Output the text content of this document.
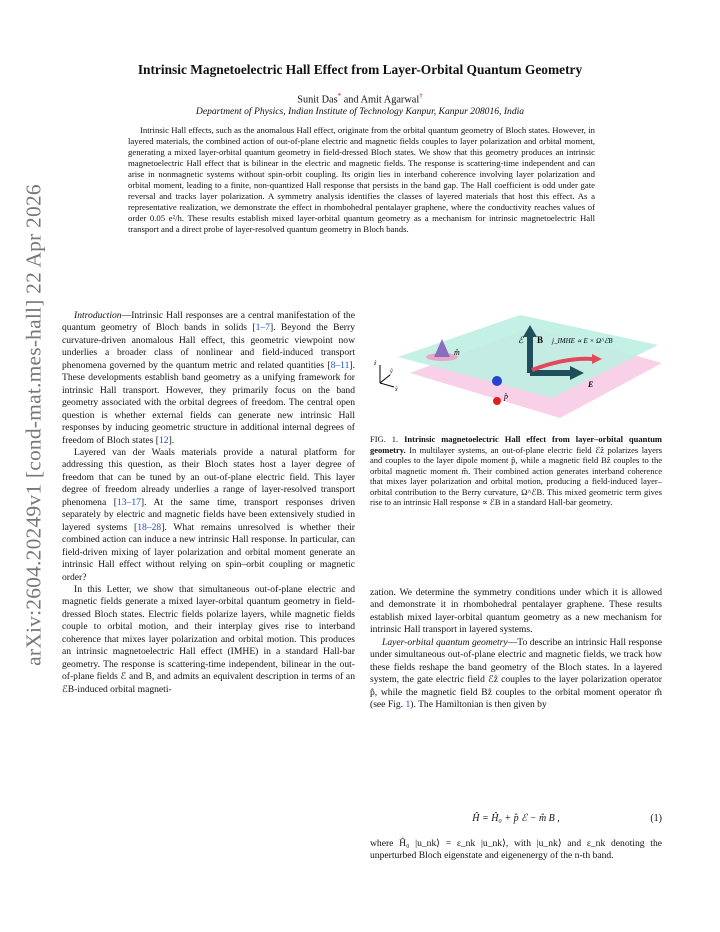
arXiv:2604.20249v1 [cond-mat.mes-hall] 22 Apr 2026
Intrinsic Magnetoelectric Hall Effect from Layer-Orbital Quantum Geometry
Sunit Das* and Amit Agarwal†
Department of Physics, Indian Institute of Technology Kanpur, Kanpur 208016, India
Intrinsic Hall effects, such as the anomalous Hall effect, originate from the orbital quantum geometry of Bloch states. However, in layered materials, the combined action of out-of-plane electric and magnetic fields couples to layer polarization and orbital moment, generating a mixed layer-orbital quantum geometry in field-dressed Bloch states. We show that this geometry produces an intrinsic magnetoelectric Hall effect that is bilinear in the electric and magnetic fields. The response is scattering-time independent and can arise in nonmagnetic systems without spin-orbit coupling. Its origin lies in interband coherence involving layer polarization and orbital moment, leading to a finite, non-quantized Hall response that persists in the band gap. The Hall coefficient is odd under gate reversal and tracks layer polarization. A symmetry analysis identifies the classes of layered materials that host this effect. As a representative realization, we demonstrate the effect in rhombohedral pentalayer graphene, where the conductivity reaches values of order 0.05 e²/h. These results establish mixed layer-orbital quantum geometry as a mechanism for intrinsic magnetoelectric Hall transport and a direct probe of layer-resolved quantum geometry in Bloch bands.

Introduction—Intrinsic Hall responses are a central manifestation of the quantum geometry of Bloch bands in solids [1–7]. Beyond the Berry curvature-driven anomalous Hall effect, this geometric viewpoint now underlies a broader class of nonlinear and field-induced transport phenomena governed by the quantum metric and related quantities [8–11]. These developments establish band geometry as a unifying framework for intrinsic Hall transport. However, they primarily focus on the band geometry associated with the orbital degrees of freedom. The central open question is whether external fields can generate new intrinsic Hall responses by inducing geometric structure in additional internal degrees of freedom of Bloch states [12].

Layered van der Waals materials provide a natural platform for addressing this question, as their Bloch states host a layer degree of freedom that can be tuned by an out-of-plane electric field. This layer degree of freedom already underlies a range of layer-resolved transport phenomena [13–17]. At the same time, transport responses driven separately by electric and magnetic fields have been extensively studied in layered systems [18–28]. What remains unresolved is whether their combined action can induce a new intrinsic Hall response. In particular, can field-driven mixing of layer polarization and orbital moment generate an intrinsic Hall effect without relying on spin–orbit coupling or magnetic order?

In this Letter, we show that simultaneous out-of-plane electric and magnetic fields generate a mixed layer-orbital quantum geometry in field-dressed Bloch states. Electric fields polarize layers, while magnetic fields couple to orbital motion, and their interplay gives rise to interband coherence that mixes layer polarization and orbital motion. This produces an intrinsic magnetoelectric Hall effect (IMHE) in a standard Hall-bar geometry. The response is scattering-time independent, bilinear in the out-of-plane fields ℰ and B, and admits an equivalent description in terms of an ℰB-induced orbital magneti-

ẑ
ŷ
x̂
ℰ B j_IMHE ∝ E × Ω^ℰB
E
m̂
p̂
FIG. 1. Intrinsic magnetoelectric Hall effect from layer–orbital quantum geometry. In multilayer systems, an out-of-plane electric field ℰẑ polarizes layers and couples to the layer dipole moment p̂, while a magnetic field Bẑ couples to the orbital magnetic moment m̂. Their combined action generates interband coherence that mixes layer polarization and orbital motion, producing a field-induced layer–orbital contribution to the Berry curvature, Ω^ℰB. This mixed geometric term gives rise to an intrinsic Hall response ∝ ℰB in a standard Hall-bar geometry.

zation. We determine the symmetry conditions under which it is allowed and demonstrate it in rhombohedral pentalayer graphene. These results establish mixed layer-orbital quantum geometry as a new mechanism for intrinsic Hall transport in layered systems.

Layer-orbital quantum geometry—To describe an intrinsic Hall response under simultaneous out-of-plane electric and magnetic fields, we track how these fields reshape the band geometry of the Bloch states. In a layered system, the gate electric field ℰẑ couples to the layer polarization operator p̂, while the magnetic field Bẑ couples to the orbital moment operator m̂ (see Fig. 1). The Hamiltonian is then given by

Ĥ = Ĥ₀ + p̂ ℰ − m̂ B ,	(1)
where Ĥ₀ |u_nk⟩ = ε_nk |u_nk⟩, with |u_nk⟩ and ε_nk denoting the unperturbed Bloch eigenstate and eigenenergy of the n-th band.
